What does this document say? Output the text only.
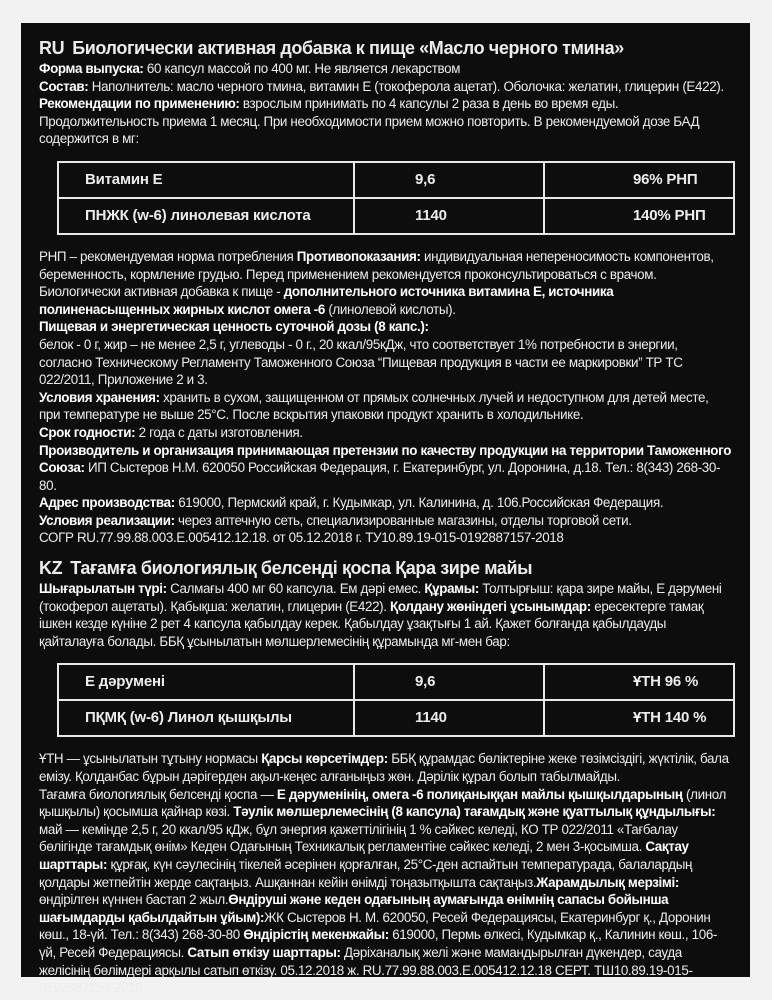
RU Биологически активная добавка к пище «Масло черного тмина»

Форма выпуска: 60 капсул массой по 400 мг. Не является лекарством

Состав: Наполнитель: масло черного тмина, витамин Е (токоферола ацетат). Оболочка: желатин, глицерин (Е422).

Рекомендации по применению: взрослым принимать по 4 капсулы 2 раза в день во время еды. Продолжительность приема 1 месяц. При необходимости прием можно повторить. В рекомендуемой дозе БАД содержится в мг:

Витамин Е	9,6	96% РНП
ПНЖК (w-6) линолевая кислота	1140	140% РНП

РНП – рекомендуемая норма потребления Противопоказания: индивидуальная непереносимость компонентов, беременность, кормление грудью. Перед применением рекомендуется проконсультироваться с врачом.

Биологически активная добавка к пище - дополнительного источника витамина Е, источника полиненасыщенных жирных кислот омега -6 (линолевой кислоты).

Пищевая и энергетическая ценность суточной дозы (8 капс.):

белок - 0 г, жир – не менее 2,5 г, углеводы - 0 г., 20 ккал/95кДж, что соответствует 1% потребности в энергии, согласно Техническому Регламенту Таможенного Союза “Пищевая продукция в части ее маркировки” ТР ТС 022/2011, Приложение 2 и 3.

Условия хранения: хранить в сухом, защищенном от прямых солнечных лучей и недоступном для детей месте, при температуре не выше 25°С. После вскрытия упаковки продукт хранить в холодильнике.

Срок годности: 2 года с даты изготовления.

Производитель и организация принимающая претензии по качеству продукции на территории Таможенного Союза: ИП Сыстеров Н.М. 620050 Российская Федерация, г. Екатеринбург, ул. Доронина, д.18. Тел.: 8(343) 268-30-80.

Адрес производства: 619000, Пермский край, г. Кудымкар, ул. Калинина, д. 106.Российская Федерация.

Условия реализации: через аптечную сеть, специализированные магазины, отделы торговой сети.

СОГР RU.77.99.88.003.Е.005412.12.18. от 05.12.2018 г. ТУ10.89.19-015-0192887157-2018

KZ Тағамға биологиялық белсенді қоспа Қара зире майы

Шығарылатын түрі: Салмағы 400 мг 60 капсула. Ем дәрі емес. Құрамы: Толтырғыш: қара зире майы, Е дәрумені (токоферол ацетаты). Қабықша: желатин, глицерин (Е422). Қолдану жөніндегі ұсынымдар: ересектерге тамақ ішкен кезде күніне 2 рет 4 капсула қабылдау керек. Қабылдау ұзақтығы 1 ай. Қажет болғанда қабылдауды қайталауға болады. ББҚ ұсынылатын мөлшерлемесінің құрамында мг-мен бар:

Е дәрумені	9,6	ҰТН 96 %
ПҚМҚ (w-6) Линол қышқылы	1140	ҰТН 140 %

ҰТН — ұсынылатын тұтыну нормасы Қарсы көрсетімдер: ББҚ құрамдас бөліктеріне жеке төзімсіздігі, жүктілік, бала емізу. Қолданбас бұрын дәрігерден ақыл-кеңес алғаныңыз жөн. Дәрілік құрал болып табылмайды.

Тағамға биологиялық белсенді қоспа — Е дәруменінің, омега -6 полиқаныққан майлы қышқылдарының (линол қышқылы) қосымша қайнар көзі. Тәулік мөлшерлемесінің (8 капсула) тағамдық және қуаттылық құндылығы: май — кемінде 2,5 г, 20 ккал/95 кДж, бұл энергия қажеттілігінің 1 % сәйкес келеді, КО ТР 022/2011 «Тағбалау бөлігінде тағамдық өнім» Кеден Одағының Техникалық регламентіне сәйкес келеді, 2 мен 3-қосымша. Сақтау шарттары: құрғақ, күн сәулесінің тікелей әсерінен қорғалған, 25°С-ден аспайтын температурада, балалардың қолдары жетпейтін жерде сақтаңыз. Ашқаннан кейін өнімді тоңазытқышта сақтаңыз.Жарамдылық мерзімі: өндірілген күннен бастап 2 жыл.Өндіруші және кеден одағының аумағында өнімнің сапасы бойынша шағымдарды қабылдайтын ұйым):ЖК Сыстеров Н. М. 620050, Ресей Федерациясы, Екатеринбург қ., Доронин көш., 18-үй. Тел.: 8(343) 268-30-80 Өндірістің мекенжайы: 619000, Пермь өлкесі, Кудымкар қ., Калинин көш., 106-үй, Ресей Федерациясы. Сатып өткізу шарттары: Дәріханалық желі және мамандырылған дүкендер, сауда желісінің бөлімдері арқылы сатып өткізу. 05.12.2018 ж. RU.77.99.88.003.Е.005412.12.18 СЕРТ. ТШ10.89.19-015-0192887157-2018
